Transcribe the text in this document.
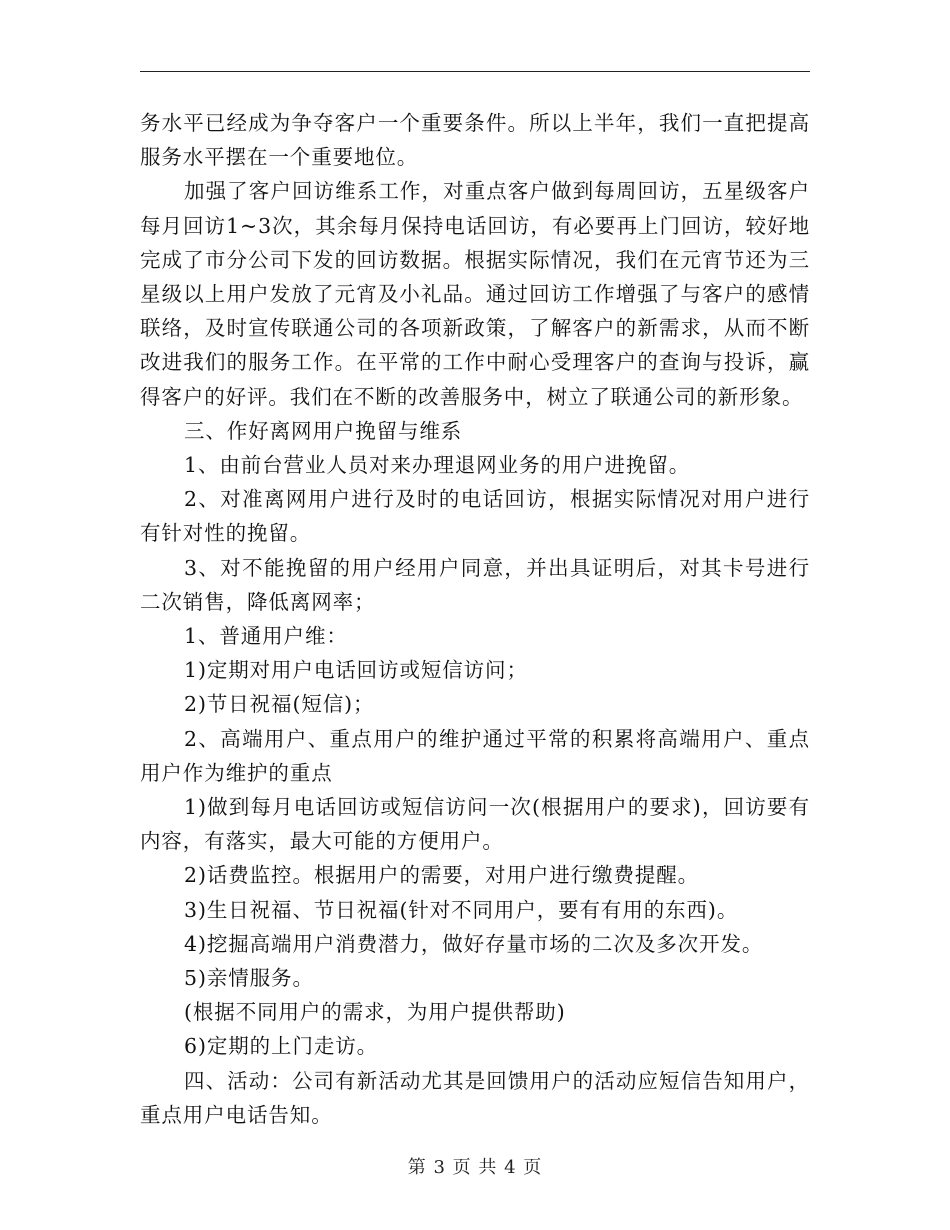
务水平已经成为争夺客户一个重要条件。所以上半年，我们一直把提高服务水平摆在一个重要地位。

加强了客户回访维系工作，对重点客户做到每周回访，五星级客户每月回访1~3次，其余每月保持电话回访，有必要再上门回访，较好地完成了市分公司下发的回访数据。根据实际情况，我们在元宵节还为三星级以上用户发放了元宵及小礼品。通过回访工作增强了与客户的感情联络，及时宣传联通公司的各项新政策，了解客户的新需求，从而不断改进我们的服务工作。在平常的工作中耐心受理客户的查询与投诉，赢得客户的好评。我们在不断的改善服务中，树立了联通公司的新形象。

三、作好离网用户挽留与维系

1、由前台营业人员对来办理退网业务的用户进挽留。

2、对准离网用户进行及时的电话回访，根据实际情况对用户进行有针对性的挽留。

3、对不能挽留的用户经用户同意，并出具证明后，对其卡号进行二次销售，降低离网率；

1、普通用户维：

1)定期对用户电话回访或短信访问；

2)节日祝福(短信)；

2、高端用户、重点用户的维护通过平常的积累将高端用户、重点用户作为维护的重点

1)做到每月电话回访或短信访问一次(根据用户的要求)，回访要有内容，有落实，最大可能的方便用户。

2)话费监控。根据用户的需要，对用户进行缴费提醒。

3)生日祝福、节日祝福(针对不同用户，要有有用的东西)。

4)挖掘高端用户消费潜力，做好存量市场的二次及多次开发。

5)亲情服务。

(根据不同用户的需求，为用户提供帮助)

6)定期的上门走访。

四、活动：公司有新活动尤其是回馈用户的活动应短信告知用户，重点用户电话告知。

第 3 页 共 4 页
